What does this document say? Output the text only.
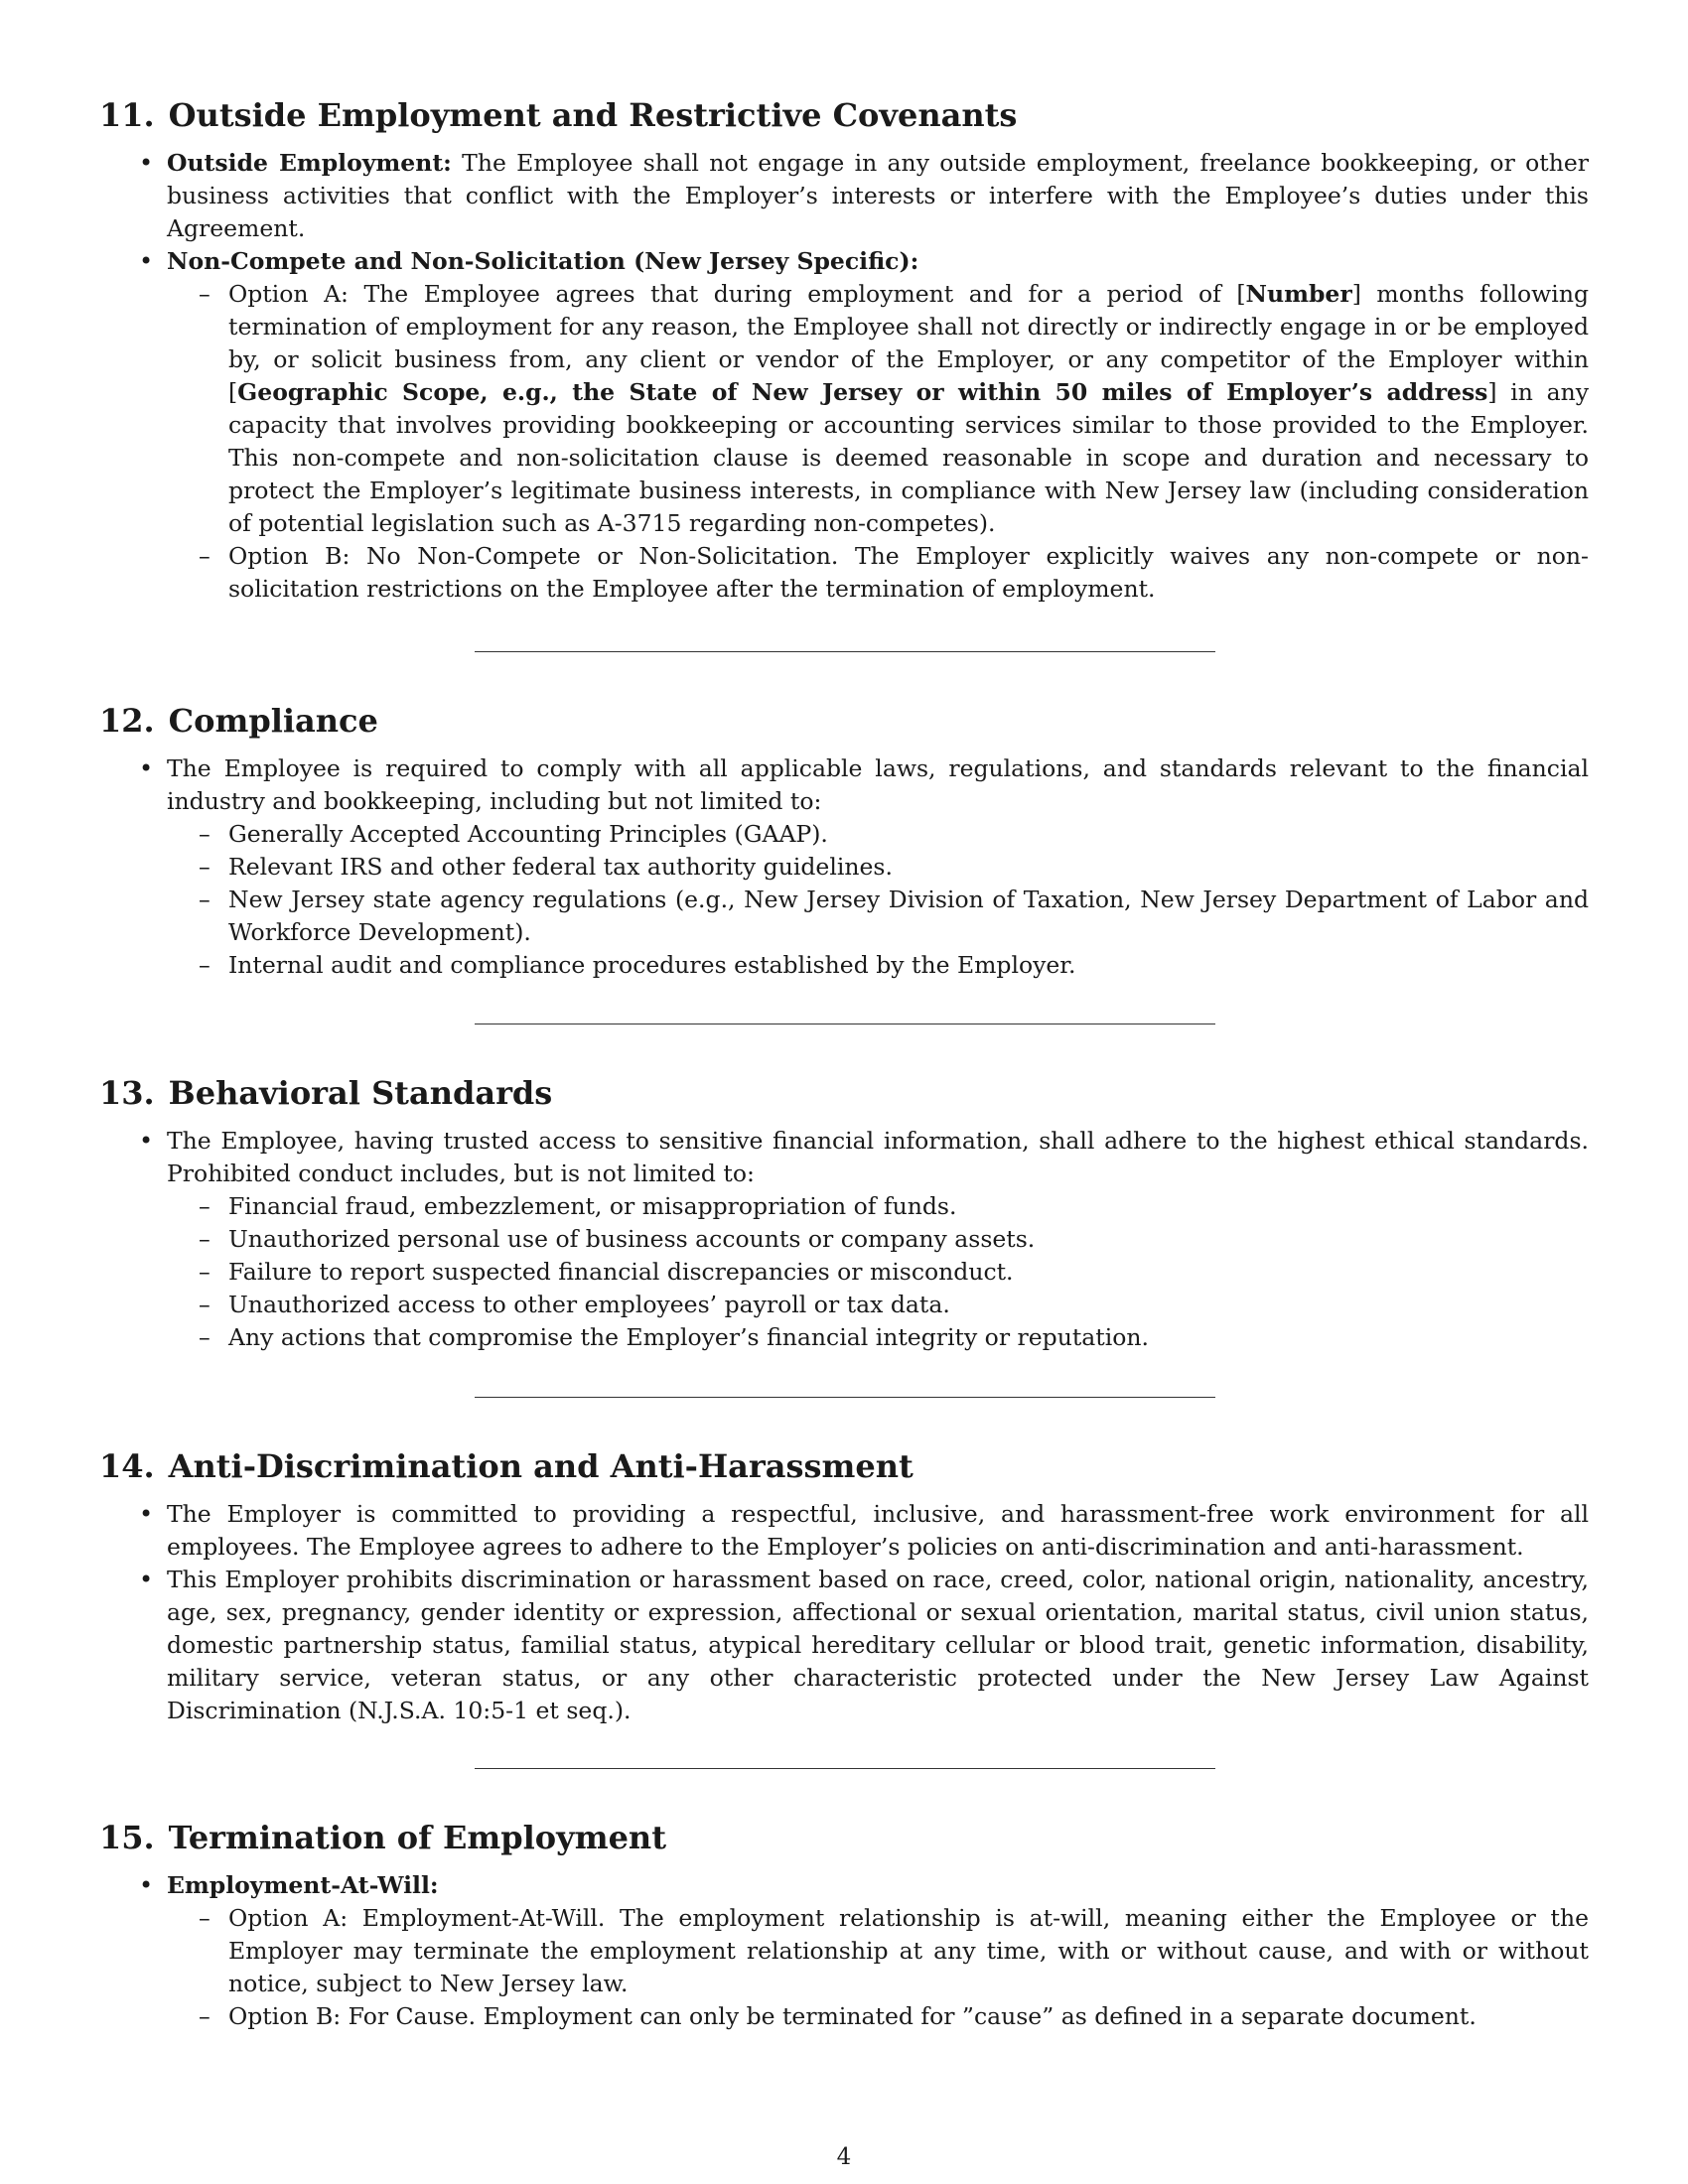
11. Outside Employment and Restrictive Covenants
• Outside Employment: The Employee shall not engage in any outside employment, freelance bookkeeping, or other business activities that conflict with the Employer’s interests or interfere with the Employee’s duties under this Agreement.
• Non-Compete and Non-Solicitation (New Jersey Specific):
– Option A: The Employee agrees that during employment and for a period of [Number] months following termination of employment for any reason, the Employee shall not directly or indirectly engage in or be employed by, or solicit business from, any client or vendor of the Employer, or any competitor of the Employer within [Geographic Scope, e.g., the State of New Jersey or within 50 miles of Employer’s address] in any capacity that involves providing bookkeeping or accounting services similar to those provided to the Employer. This non-compete and non-solicitation clause is deemed reasonable in scope and duration and necessary to protect the Employer’s legitimate business interests, in compliance with New Jersey law (including consideration of potential legislation such as A-3715 regarding non-competes).
– Option B: No Non-Compete or Non-Solicitation. The Employer explicitly waives any non-compete or non-solicitation restrictions on the Employee after the termination of employment.
12. Compliance
• The Employee is required to comply with all applicable laws, regulations, and standards relevant to the financial industry and bookkeeping, including but not limited to:
– Generally Accepted Accounting Principles (GAAP).
– Relevant IRS and other federal tax authority guidelines.
– New Jersey state agency regulations (e.g., New Jersey Division of Taxation, New Jersey Department of Labor and Workforce Development).
– Internal audit and compliance procedures established by the Employer.
13. Behavioral Standards
• The Employee, having trusted access to sensitive financial information, shall adhere to the highest ethical standards. Prohibited conduct includes, but is not limited to:
– Financial fraud, embezzlement, or misappropriation of funds.
– Unauthorized personal use of business accounts or company assets.
– Failure to report suspected financial discrepancies or misconduct.
– Unauthorized access to other employees’ payroll or tax data.
– Any actions that compromise the Employer’s financial integrity or reputation.
14. Anti-Discrimination and Anti-Harassment
• The Employer is committed to providing a respectful, inclusive, and harassment-free work environment for all employees. The Employee agrees to adhere to the Employer’s policies on anti-discrimination and anti-harassment.
• This Employer prohibits discrimination or harassment based on race, creed, color, national origin, nationality, ancestry, age, sex, pregnancy, gender identity or expression, affectional or sexual orientation, marital status, civil union status, domestic partnership status, familial status, atypical hereditary cellular or blood trait, genetic information, disability, military service, veteran status, or any other characteristic protected under the New Jersey Law Against Discrimination (N.J.S.A. 10:5-1 et seq.).
15. Termination of Employment
• Employment-At-Will:
– Option A: Employment-At-Will. The employment relationship is at-will, meaning either the Employee or the Employer may terminate the employment relationship at any time, with or without cause, and with or without notice, subject to New Jersey law.
– Option B: For Cause. Employment can only be terminated for ”cause” as defined in a separate document.
4
